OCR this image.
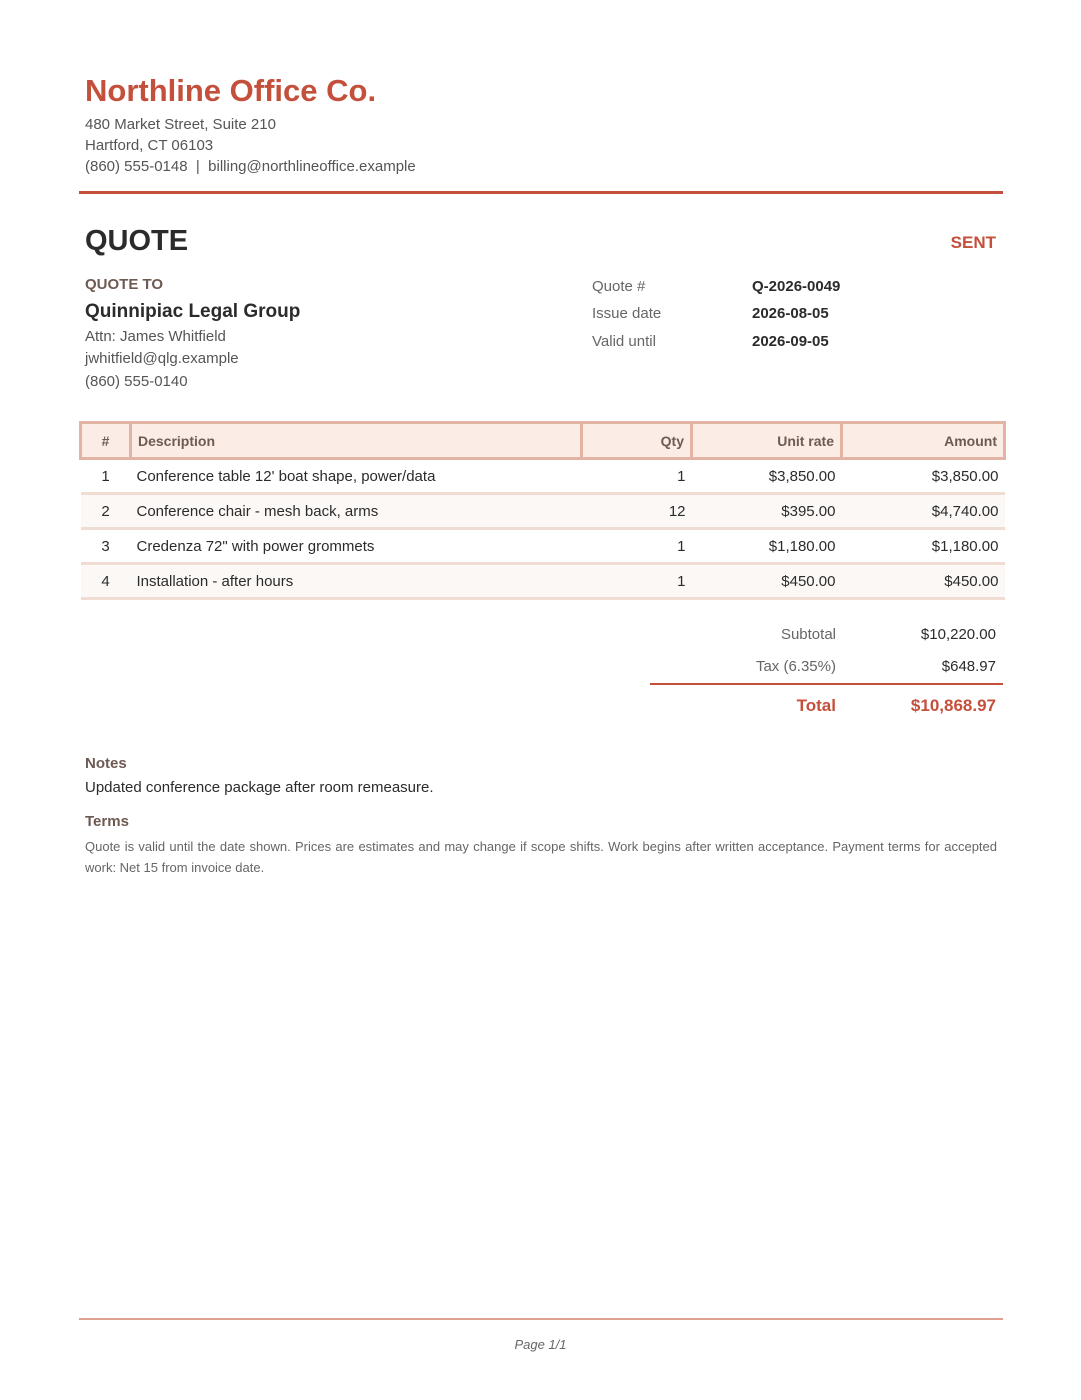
Northline Office Co.
480 Market Street, Suite 210
Hartford, CT 06103
(860) 555-0148  |  billing@northlineoffice.example
QUOTE	SENT
QUOTE TO
Quinnipiac Legal Group
Attn: James Whitfield
jwhitfield@qlg.example
(860) 555-0140
Quote #	Q-2026-0049
Issue date	2026-08-05
Valid until	2026-09-05
#	Description	Qty	Unit rate	Amount
1	Conference table 12' boat shape, power/data	1	$3,850.00	$3,850.00
2	Conference chair - mesh back, arms	12	$395.00	$4,740.00
3	Credenza 72" with power grommets	1	$1,180.00	$1,180.00
4	Installation - after hours	1	$450.00	$450.00
Subtotal	$10,220.00
Tax (6.35%)	$648.97
Total	$10,868.97
Notes
Updated conference package after room remeasure.
Terms
Quote is valid until the date shown. Prices are estimates and may change if scope shifts. Work begins after written acceptance. Payment terms for accepted work: Net 15 from invoice date.
Page 1/1
